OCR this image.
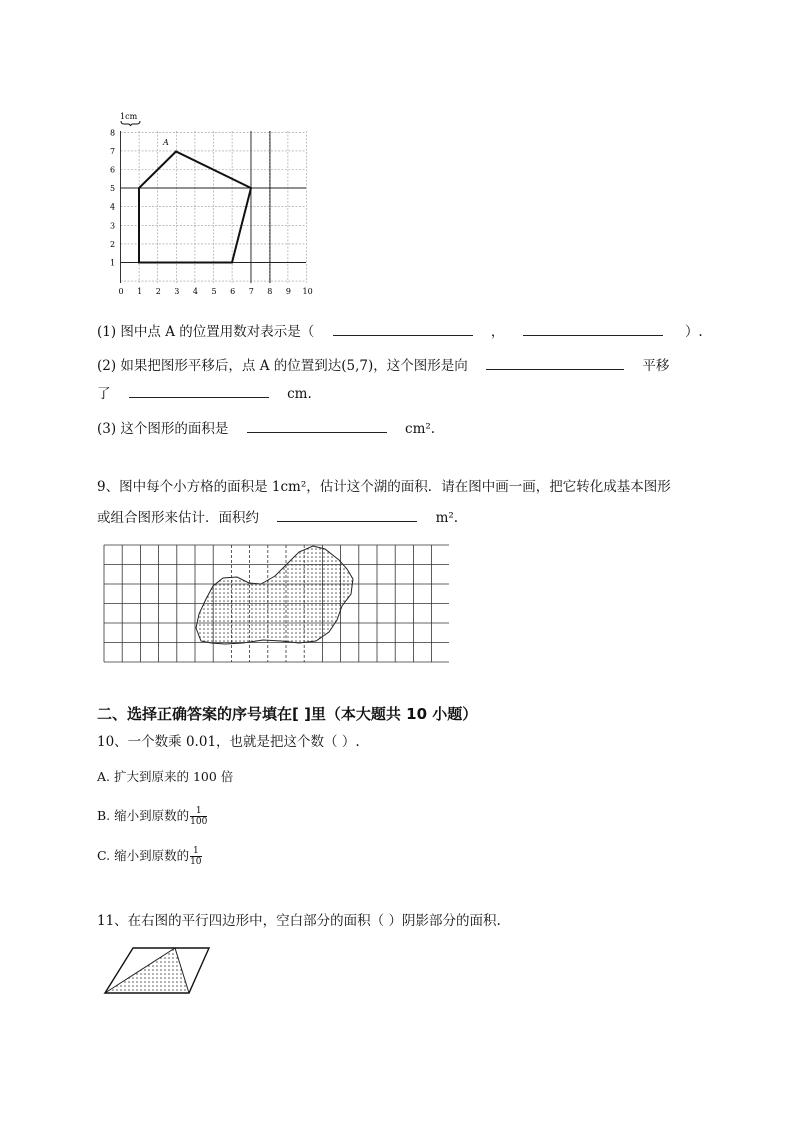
1cm
A
1
2
3
4
5
6
7
8
0 1 2 3 4 5 6 7 8 9 10
(1) 图中点 A 的位置用数对表示是（	，	）.
(2) 如果把图形平移后，点 A 的位置到达(5,7)，这个图形是向	平移
了	cm.
(3) 这个图形的面积是	cm².
9、图中每个小方格的面积是 1cm²，估计这个湖的面积．请在图中画一画，把它转化成基本图形
或组合图形来估计．面积约	m².
二、选择正确答案的序号填在[ ]里（本大题共 10 小题）
10、一个数乘 0.01，也就是把这个数（ ）.
A. 扩大到原来的 100 倍
B. 缩小到原数的 $\frac{1}{100}$
C. 缩小到原数的 $\frac{1}{10}$
11、在右图的平行四边形中，空白部分的面积（ ）阴影部分的面积.
